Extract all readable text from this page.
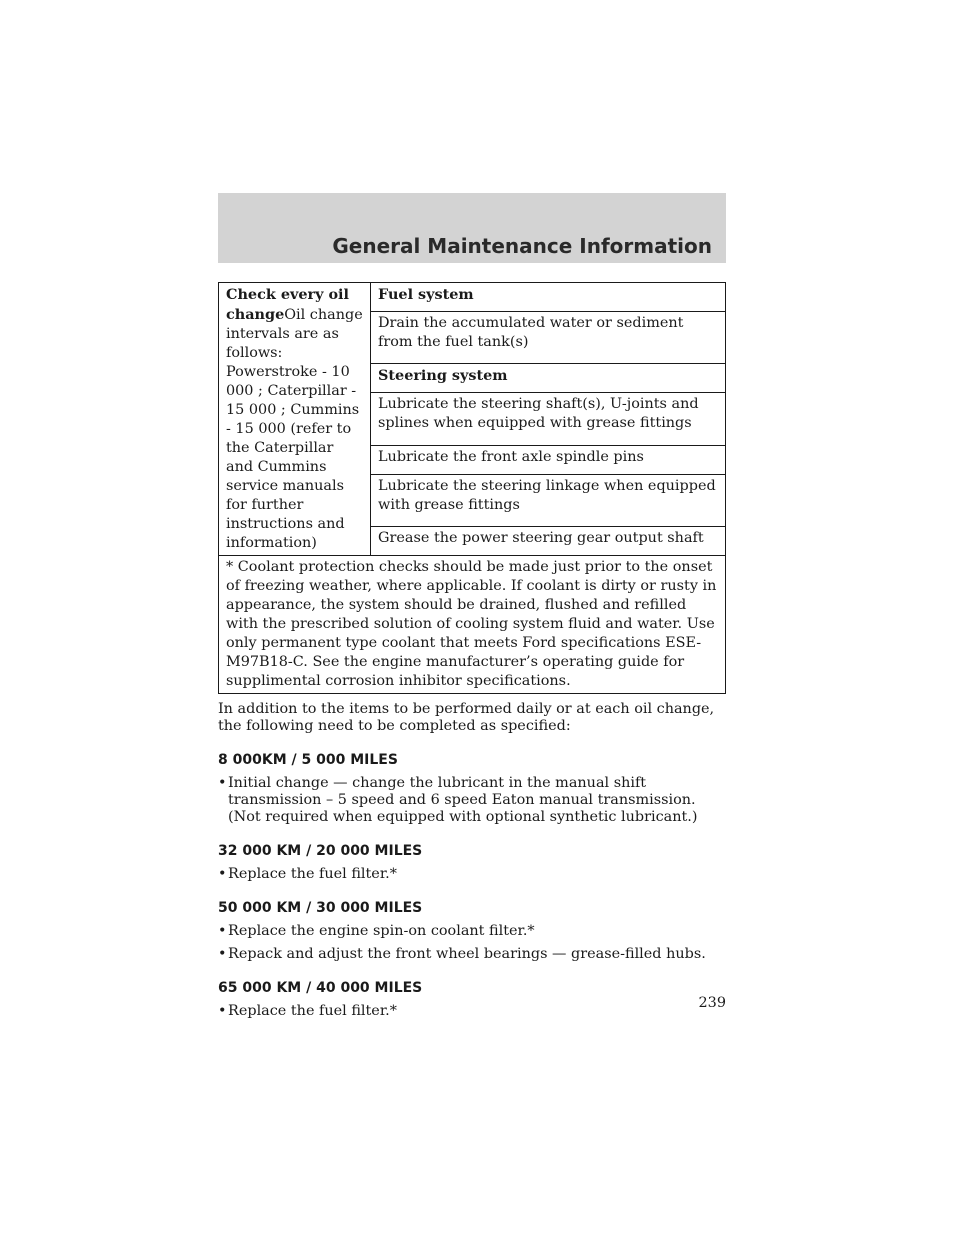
General Maintenance Information
Check every oil changeOil change intervals are as follows: Powerstroke - 10 000 ; Caterpillar - 15 000 ; Cummins - 15 000 (refer to the Caterpillar and Cummins service manuals for further instructions and information)	Fuel system
Drain the accumulated water or sediment from the fuel tank(s)
Steering system
Lubricate the steering shaft(s), U-joints and splines when equipped with grease fittings
Lubricate the front axle spindle pins
Lubricate the steering linkage when equipped with grease fittings
Grease the power steering gear output shaft
* Coolant protection checks should be made just prior to the onset of freezing weather, where applicable. If coolant is dirty or rusty in appearance, the system should be drained, flushed and refilled with the prescribed solution of cooling system fluid and water. Use only permanent type coolant that meets Ford specifications ESE-M97B18-C. See the engine manufacturer’s operating guide for supplimental corrosion inhibitor specifications.
In addition to the items to be performed daily or at each oil change, the following need to be completed as specified:
8 000KM / 5 000 MILES
• Initial change — change the lubricant in the manual shift transmission – 5 speed and 6 speed Eaton manual transmission. (Not required when equipped with optional synthetic lubricant.)
32 000 KM / 20 000 MILES
• Replace the fuel filter.*
50 000 KM / 30 000 MILES
• Replace the engine spin-on coolant filter.*
• Repack and adjust the front wheel bearings — grease-filled hubs.
65 000 KM / 40 000 MILES
• Replace the fuel filter.*	239
